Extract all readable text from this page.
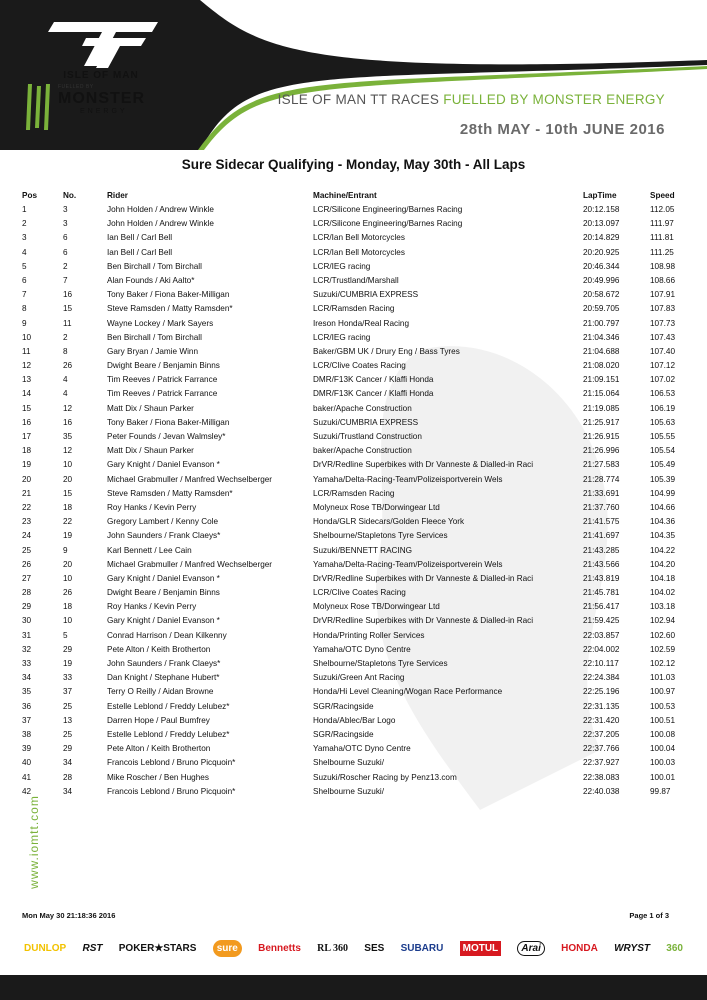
ISLE OF MAN
FUELLED BY
MONSTER
ENERGY
ISLE OF MAN TT RACES FUELLED BY MONSTER ENERGY
28th MAY - 10th JUNE 2016
Sure Sidecar Qualifying - Monday, May 30th - All Laps
Pos	No.	Rider	Machine/Entrant	LapTime	Speed
1	3	John Holden / Andrew Winkle	LCR/Silicone Engineering/Barnes Racing	20:12.158	112.05
2	3	John Holden / Andrew Winkle	LCR/Silicone Engineering/Barnes Racing	20:13.097	111.97
3	6	Ian Bell / Carl Bell	LCR/Ian Bell Motorcycles	20:14.829	111.81
4	6	Ian Bell / Carl Bell	LCR/Ian Bell Motorcycles	20:20.925	111.25
5	2	Ben Birchall / Tom Birchall	LCR/IEG racing	20:46.344	108.98
6	7	Alan Founds / Aki Aalto*	LCR/Trustland/Marshall	20:49.996	108.66
7	16	Tony Baker / Fiona Baker-Milligan	Suzuki/CUMBRIA EXPRESS	20:58.672	107.91
8	15	Steve Ramsden / Matty Ramsden*	LCR/Ramsden Racing	20:59.705	107.83
9	11	Wayne Lockey / Mark Sayers	Ireson Honda/Real Racing	21:00.797	107.73
10	2	Ben Birchall / Tom Birchall	LCR/IEG racing	21:04.346	107.43
11	8	Gary Bryan / Jamie Winn	Baker/GBM UK / Drury Eng / Bass Tyres	21:04.688	107.40
12	26	Dwight Beare / Benjamin Binns	LCR/Clive Coates Racing	21:08.020	107.12
13	4	Tim Reeves / Patrick Farrance	DMR/F13K Cancer / Klaffi Honda	21:09.151	107.02
14	4	Tim Reeves / Patrick Farrance	DMR/F13K Cancer / Klaffi Honda	21:15.064	106.53
15	12	Matt Dix / Shaun Parker	baker/Apache Construction	21:19.085	106.19
16	16	Tony Baker / Fiona Baker-Milligan	Suzuki/CUMBRIA EXPRESS	21:25.917	105.63
17	35	Peter Founds / Jevan Walmsley*	Suzuki/Trustland Construction	21:26.915	105.55
18	12	Matt Dix / Shaun Parker	baker/Apache Construction	21:26.996	105.54
19	10	Gary Knight / Daniel Evanson *	DrVR/Redline Superbikes with Dr Vanneste & Dialled-in Raci	21:27.583	105.49
20	20	Michael Grabmuller / Manfred Wechselberger	Yamaha/Delta-Racing-Team/Polizeisportverein Wels	21:28.774	105.39
21	15	Steve Ramsden / Matty Ramsden*	LCR/Ramsden Racing	21:33.691	104.99
22	18	Roy Hanks / Kevin Perry	Molyneux Rose TB/Dorwingear Ltd	21:37.760	104.66
23	22	Gregory Lambert / Kenny Cole	Honda/GLR Sidecars/Golden Fleece York	21:41.575	104.36
24	19	John Saunders / Frank Claeys*	Shelbourne/Stapletons Tyre Services	21:41.697	104.35
25	9	Karl Bennett / Lee Cain	Suzuki/BENNETT RACING	21:43.285	104.22
26	20	Michael Grabmuller / Manfred Wechselberger	Yamaha/Delta-Racing-Team/Polizeisportverein Wels	21:43.566	104.20
27	10	Gary Knight / Daniel Evanson *	DrVR/Redline Superbikes with Dr Vanneste & Dialled-in Raci	21:43.819	104.18
28	26	Dwight Beare / Benjamin Binns	LCR/Clive Coates Racing	21:45.781	104.02
29	18	Roy Hanks / Kevin Perry	Molyneux Rose TB/Dorwingear Ltd	21:56.417	103.18
30	10	Gary Knight / Daniel Evanson *	DrVR/Redline Superbikes with Dr Vanneste & Dialled-in Raci	21:59.425	102.94
31	5	Conrad Harrison / Dean Kilkenny	Honda/Printing Roller Services	22:03.857	102.60
32	29	Pete Alton / Keith Brotherton	Yamaha/OTC Dyno Centre	22:04.002	102.59
33	19	John Saunders / Frank Claeys*	Shelbourne/Stapletons Tyre Services	22:10.117	102.12
34	33	Dan Knight / Stephane Hubert*	Suzuki/Green Ant Racing	22:24.384	101.03
35	37	Terry O Reilly / Aidan Browne	Honda/Hi Level Cleaning/Wogan Race Performance	22:25.196	100.97
36	25	Estelle Leblond / Freddy Lelubez*	SGR/Racingside	22:31.135	100.53
37	13	Darren Hope / Paul Bumfrey	Honda/Ablec/Bar Logo	22:31.420	100.51
38	25	Estelle Leblond / Freddy Lelubez*	SGR/Racingside	22:37.205	100.08
39	29	Pete Alton / Keith Brotherton	Yamaha/OTC Dyno Centre	22:37.766	100.04
40	34	Francois Leblond / Bruno Picquoin*	Shelbourne Suzuki/	22:37.927	100.03
41	28	Mike Roscher / Ben Hughes	Suzuki/Roscher Racing by Penz13.com	22:38.083	100.01
42	34	Francois Leblond / Bruno Picquoin*	Shelbourne Suzuki/	22:40.038	99.87
www.iomtt.com
Mon May 30 21:18:36 2016	Page 1 of 3
DUNLOP RST POKER★STARS	sure	Bennetts RL 360 SES SUBARU	MOTUL	Arai	HONDA WRYST 360
